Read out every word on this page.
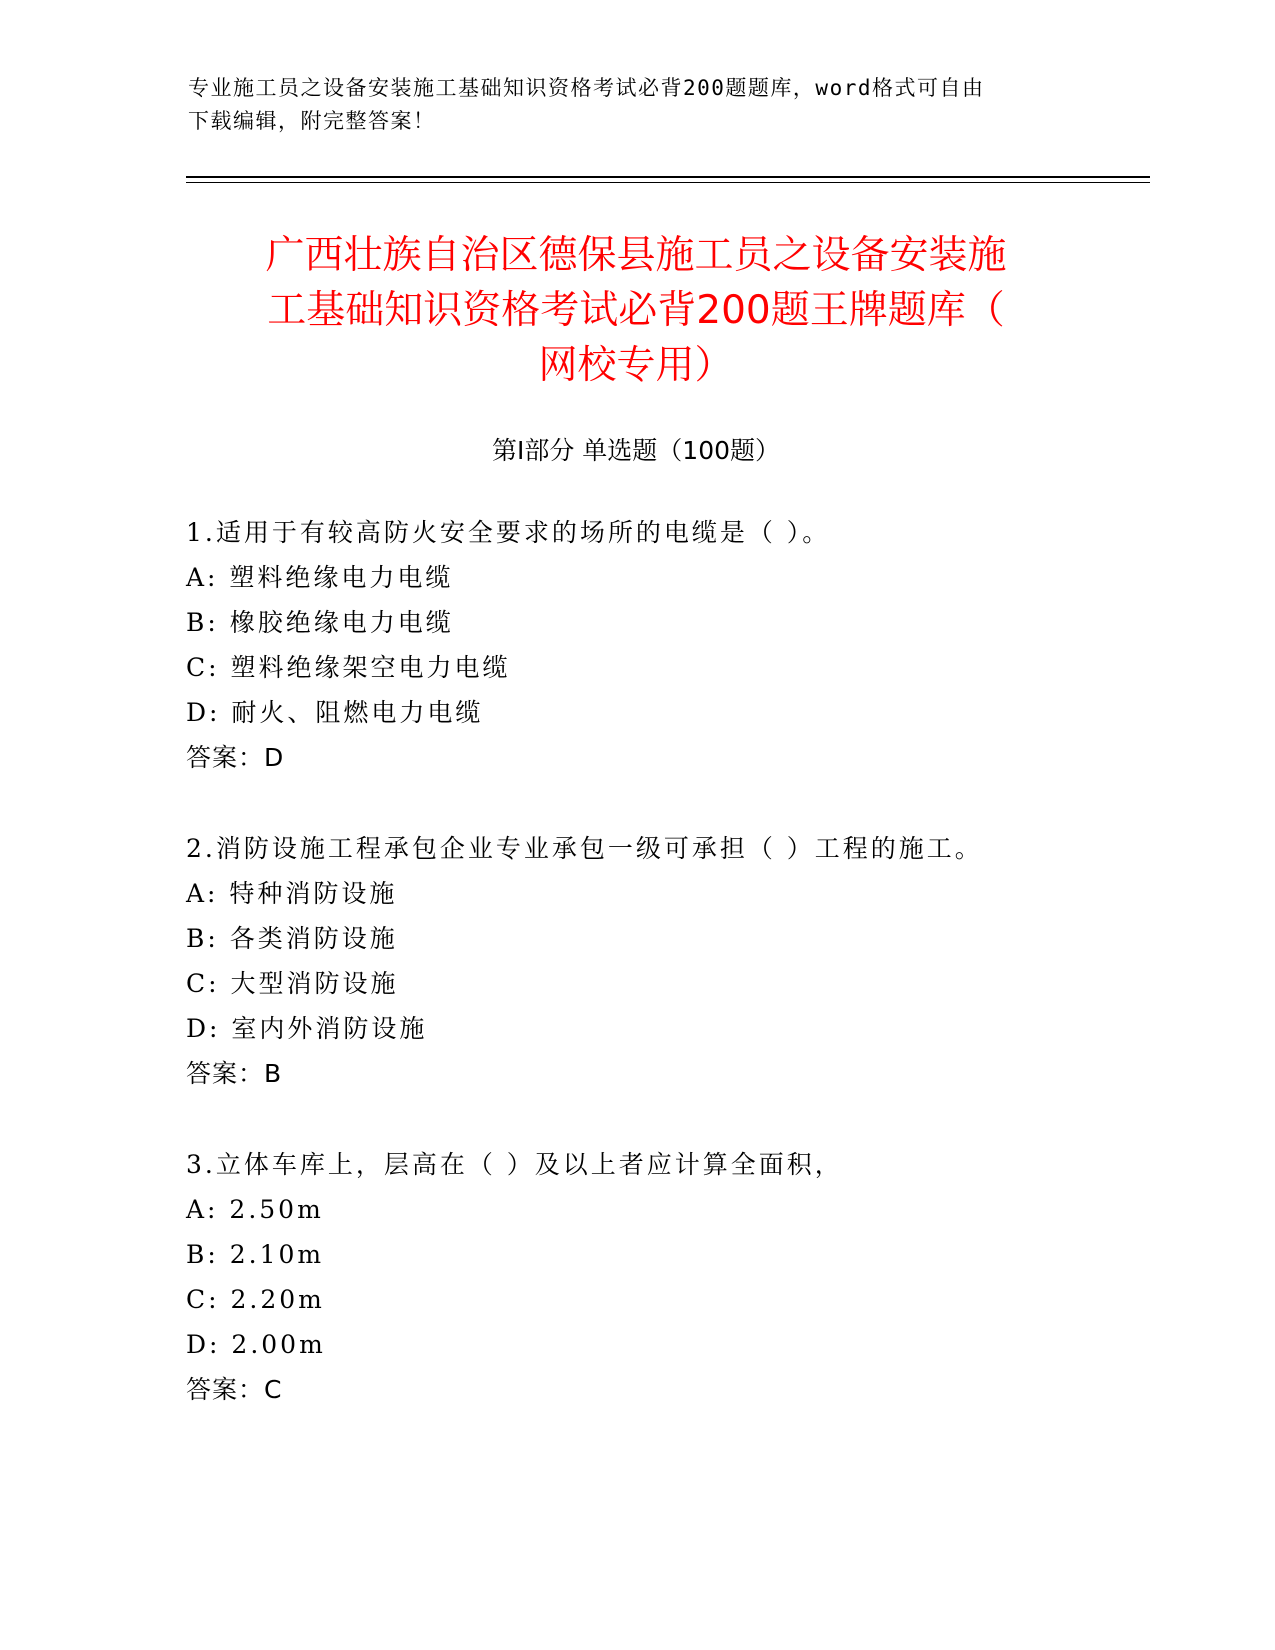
专业施工员之设备安装施工基础知识资格考试必背200题题库，word格式可自由
下载编辑，附完整答案！
广西壮族自治区德保县施工员之设备安装施
工基础知识资格考试必背200题王牌题库（
网校专用）
第I部分 单选题（100题）
1.适用于有较高防火安全要求的场所的电缆是（ ）。
A: 塑料绝缘电力电缆
B: 橡胶绝缘电力电缆
C: 塑料绝缘架空电力电缆
D: 耐火、阻燃电力电缆
答案：D
2.消防设施工程承包企业专业承包一级可承担（ ）工程的施工。
A: 特种消防设施
B: 各类消防设施
C: 大型消防设施
D: 室内外消防设施
答案：B
3.立体车库上，层高在（ ）及以上者应计算全面积，
A: 2.50m
B: 2.10m
C: 2.20m
D: 2.00m
答案：C
